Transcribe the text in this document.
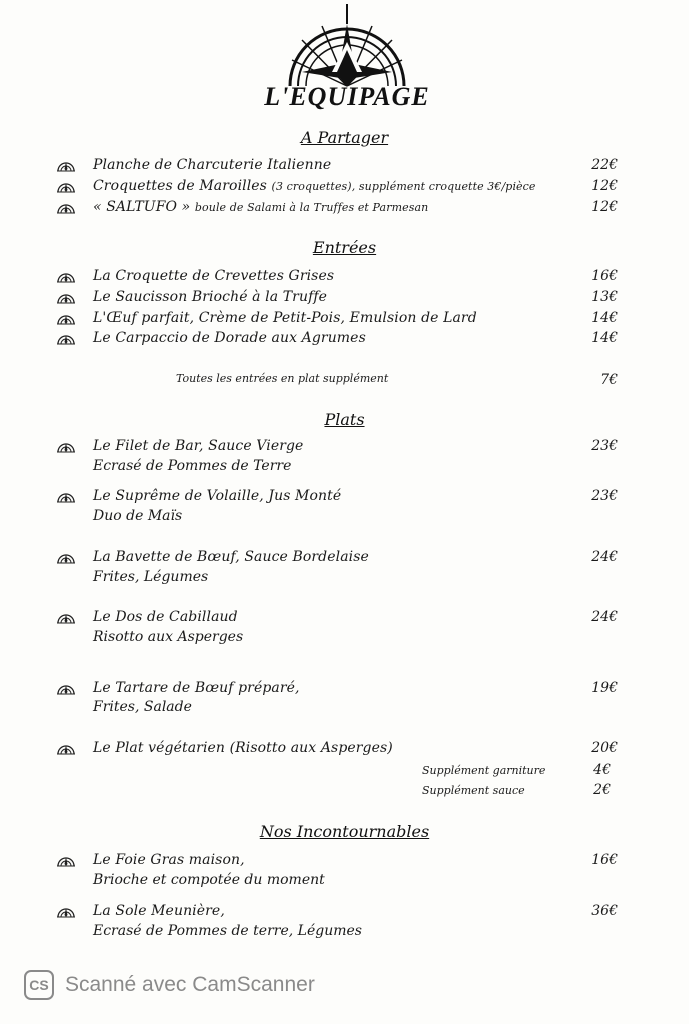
L'EQUIPAGE
A Partager
Planche de Charcuterie Italienne	22€
Croquettes de Maroilles (3 croquettes), supplément croquette 3€/pièce	12€
« SALTUFO » boule de Salami à la Truffes et Parmesan	12€
Entrées
La Croquette de Crevettes Grises	16€
Le Saucisson Brioché à la Truffe	13€
L'Œuf parfait, Crème de Petit-Pois, Emulsion de Lard	14€
Le Carpaccio de Dorade aux Agrumes	14€
Toutes les entrées en plat supplément	7€
Plats
Le Filet de Bar, Sauce Vierge	23€
Ecrasé de Pommes de Terre
Le Suprême de Volaille, Jus Monté	23€
Duo de Maïs
La Bavette de Bœuf, Sauce Bordelaise	24€
Frites, Légumes
Le Dos de Cabillaud	24€
Risotto aux Asperges
Le Tartare de Bœuf préparé,	19€
Frites, Salade
Le Plat végétarien (Risotto aux Asperges)	20€
Supplément garniture	4€
Supplément sauce	2€
Nos Incontournables
Le Foie Gras maison,	16€
Brioche et compotée du moment
La Sole Meunière,	36€
Ecrasé de Pommes de terre, Légumes
CS Scanné avec CamScanner
